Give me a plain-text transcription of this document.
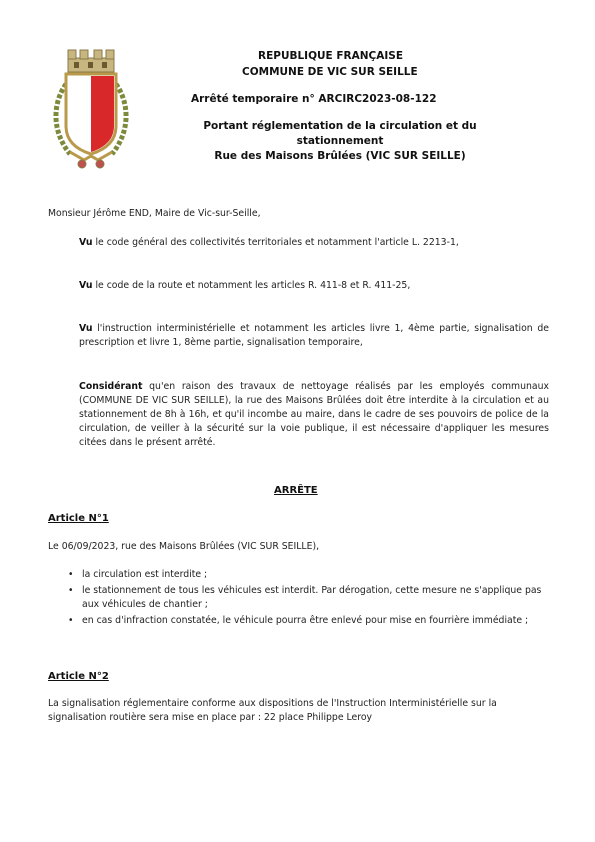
REPUBLIQUE FRANÇAISE
COMMUNE DE VIC SUR SEILLE
Arrêté temporaire n° ARCIRC2023-08-122
Portant réglementation de la circulation et du
stationnement
Rue des Maisons Brûlées (VIC SUR SEILLE)
Monsieur Jérôme END, Maire de Vic-sur-Seille,
Vu le code général des collectivités territoriales et notamment l'article L. 2213-1,
Vu le code de la route et notamment les articles R. 411-8 et R. 411-25,
Vu l'instruction interministérielle et notamment les articles livre 1, 4ème partie, signalisation de prescription et livre 1, 8ème partie, signalisation temporaire,
Considérant qu'en raison des travaux de nettoyage réalisés par les employés communaux (COMMUNE DE VIC SUR SEILLE), la rue des Maisons Brûlées doit être interdite à la circulation et au stationnement de 8h à 16h, et qu'il incombe au maire, dans le cadre de ses pouvoirs de police de la circulation, de veiller à la sécurité sur la voie publique, il est nécessaire d'appliquer les mesures citées dans le présent arrêté.
ARRÊTE
Article N°1
Le 06/09/2023, rue des Maisons Brûlées (VIC SUR SEILLE),
• la circulation est interdite ;
• le stationnement de tous les véhicules est interdit. Par dérogation, cette mesure ne s'applique pas aux véhicules de chantier ;
• en cas d'infraction constatée, le véhicule pourra être enlevé pour mise en fourrière immédiate ;
Article N°2
La signalisation réglementaire conforme aux dispositions de l'Instruction Interministérielle sur la signalisation routière sera mise en place par : 22 place Philippe Leroy
